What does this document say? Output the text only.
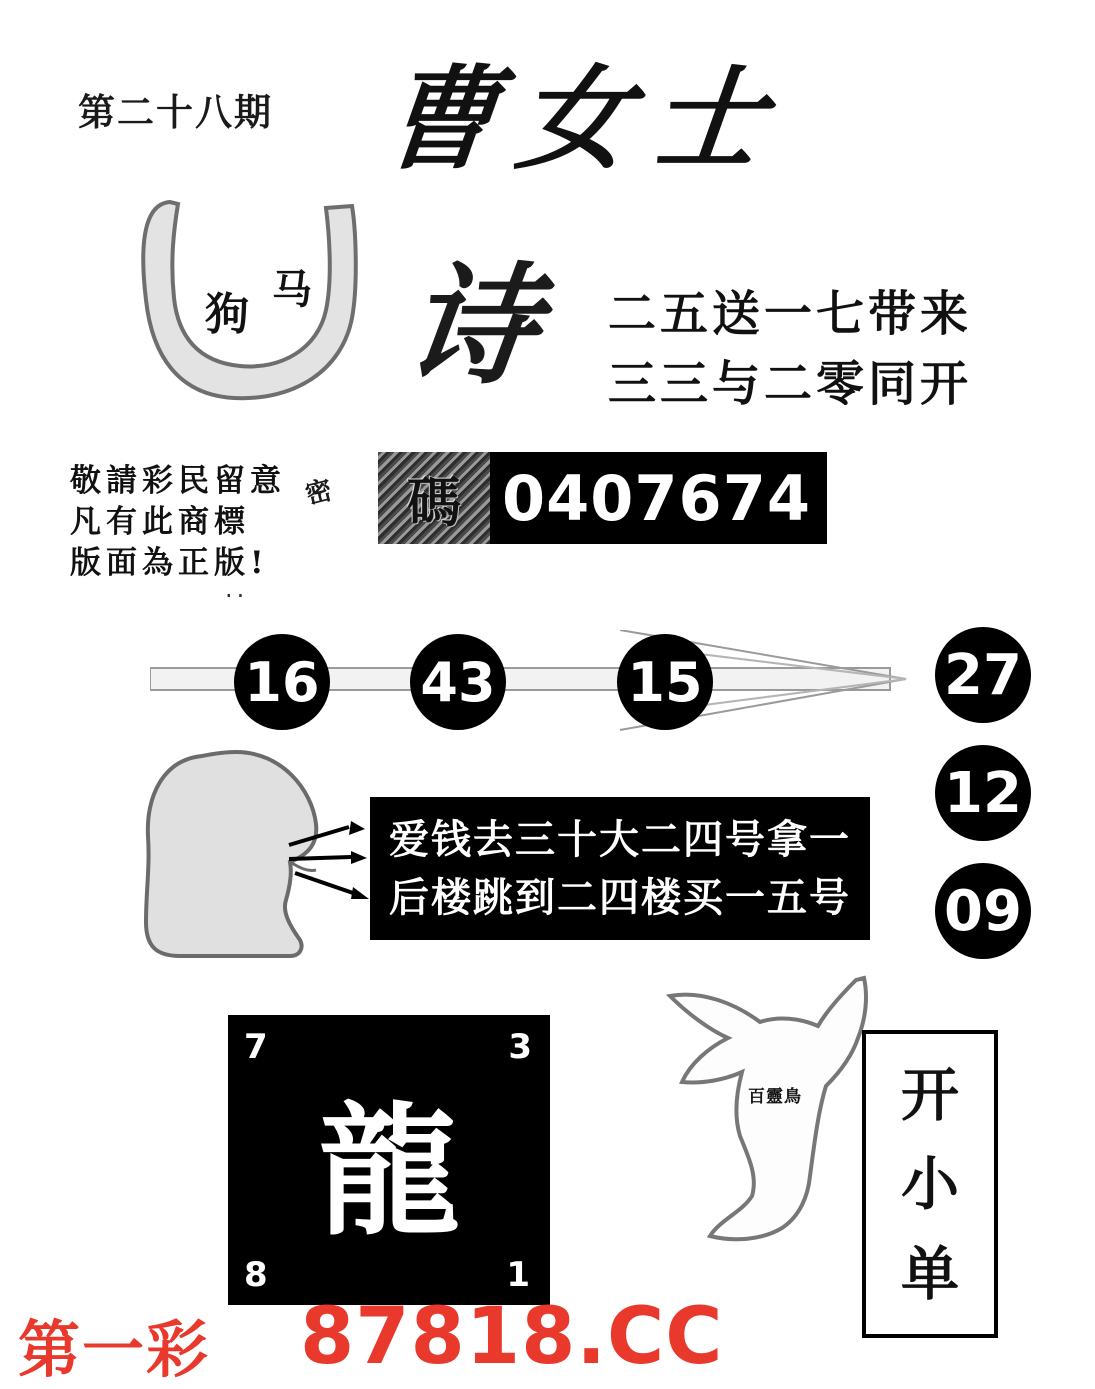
第二十八期 曹女士
狗 马 诗 二五送一七带来
三三与二零同开
敬請彩民留意
凡有此商標
版面為正版!
密
..
碼 0407674
16 43 15	27
12
09
爱钱去三十大二四号拿一
后楼跳到二四楼买一五号
7	3
8	1
龍	百靈鳥 开
小
单
第一彩 87818.CC
